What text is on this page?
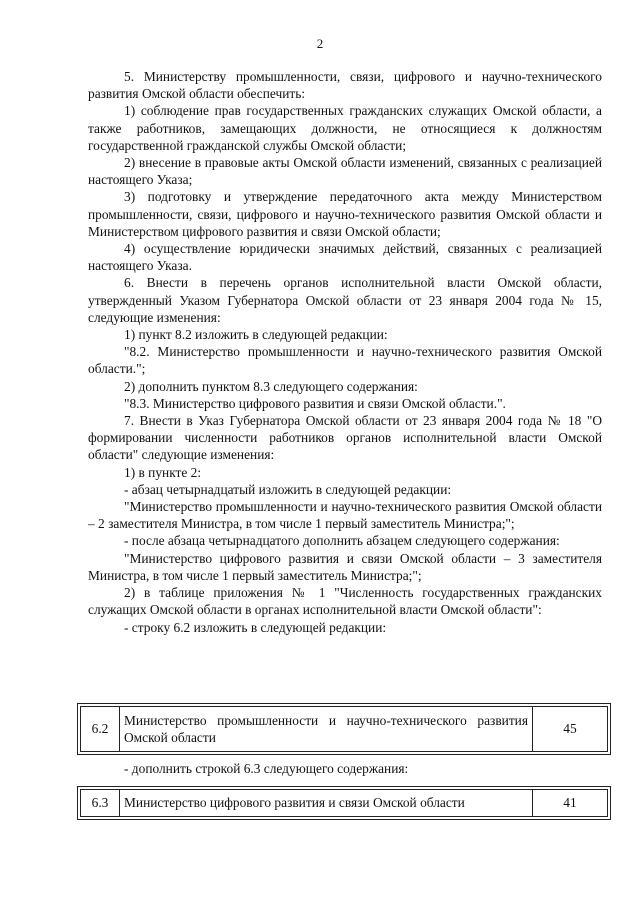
2

5. Министерству промышленности, связи, цифрового и научно-технического развития Омской области обеспечить:

1) соблюдение прав государственных гражданских служащих Омской области, а также работников, замещающих должности, не относящиеся к должностям государственной гражданской службы Омской области;

2) внесение в правовые акты Омской области изменений, связанных с реализацией настоящего Указа;

3) подготовку и утверждение передаточного акта между Министерством промышленности, связи, цифрового и научно-технического развития Омской области и Министерством цифрового развития и связи Омской области;

4) осуществление юридически значимых действий, связанных с реализацией настоящего Указа.

6. Внести в перечень органов исполнительной власти Омской области, утвержденный Указом Губернатора Омской области от 23 января 2004 года № 15, следующие изменения:

1) пункт 8.2 изложить в следующей редакции:

"8.2. Министерство промышленности и научно-технического развития Омской области.";

2) дополнить пунктом 8.3 следующего содержания:

"8.3. Министерство цифрового развития и связи Омской области.".

7. Внести в Указ Губернатора Омской области от 23 января 2004 года № 18 "О формировании численности работников органов исполнительной власти Омской области" следующие изменения:

1) в пункте 2:

- абзац четырнадцатый изложить в следующей редакции:

"Министерство промышленности и научно-технического развития Омской области – 2 заместителя Министра, в том числе 1 первый заместитель Министра;";

- после абзаца четырнадцатого дополнить абзацем следующего содержания:

"Министерство цифрового развития и связи Омской области – 3 заместителя Министра, в том числе 1 первый заместитель Министра;";

2) в таблице приложения № 1 "Численность государственных гражданских служащих Омской области в органах исполнительной власти Омской области":

- строку 6.2 изложить в следующей редакции:

6.2	Министерство промышленности и научно-технического развития Омской области	45

- дополнить строкой 6.3 следующего содержания:

6.3	Министерство цифрового развития и связи Омской области	41
